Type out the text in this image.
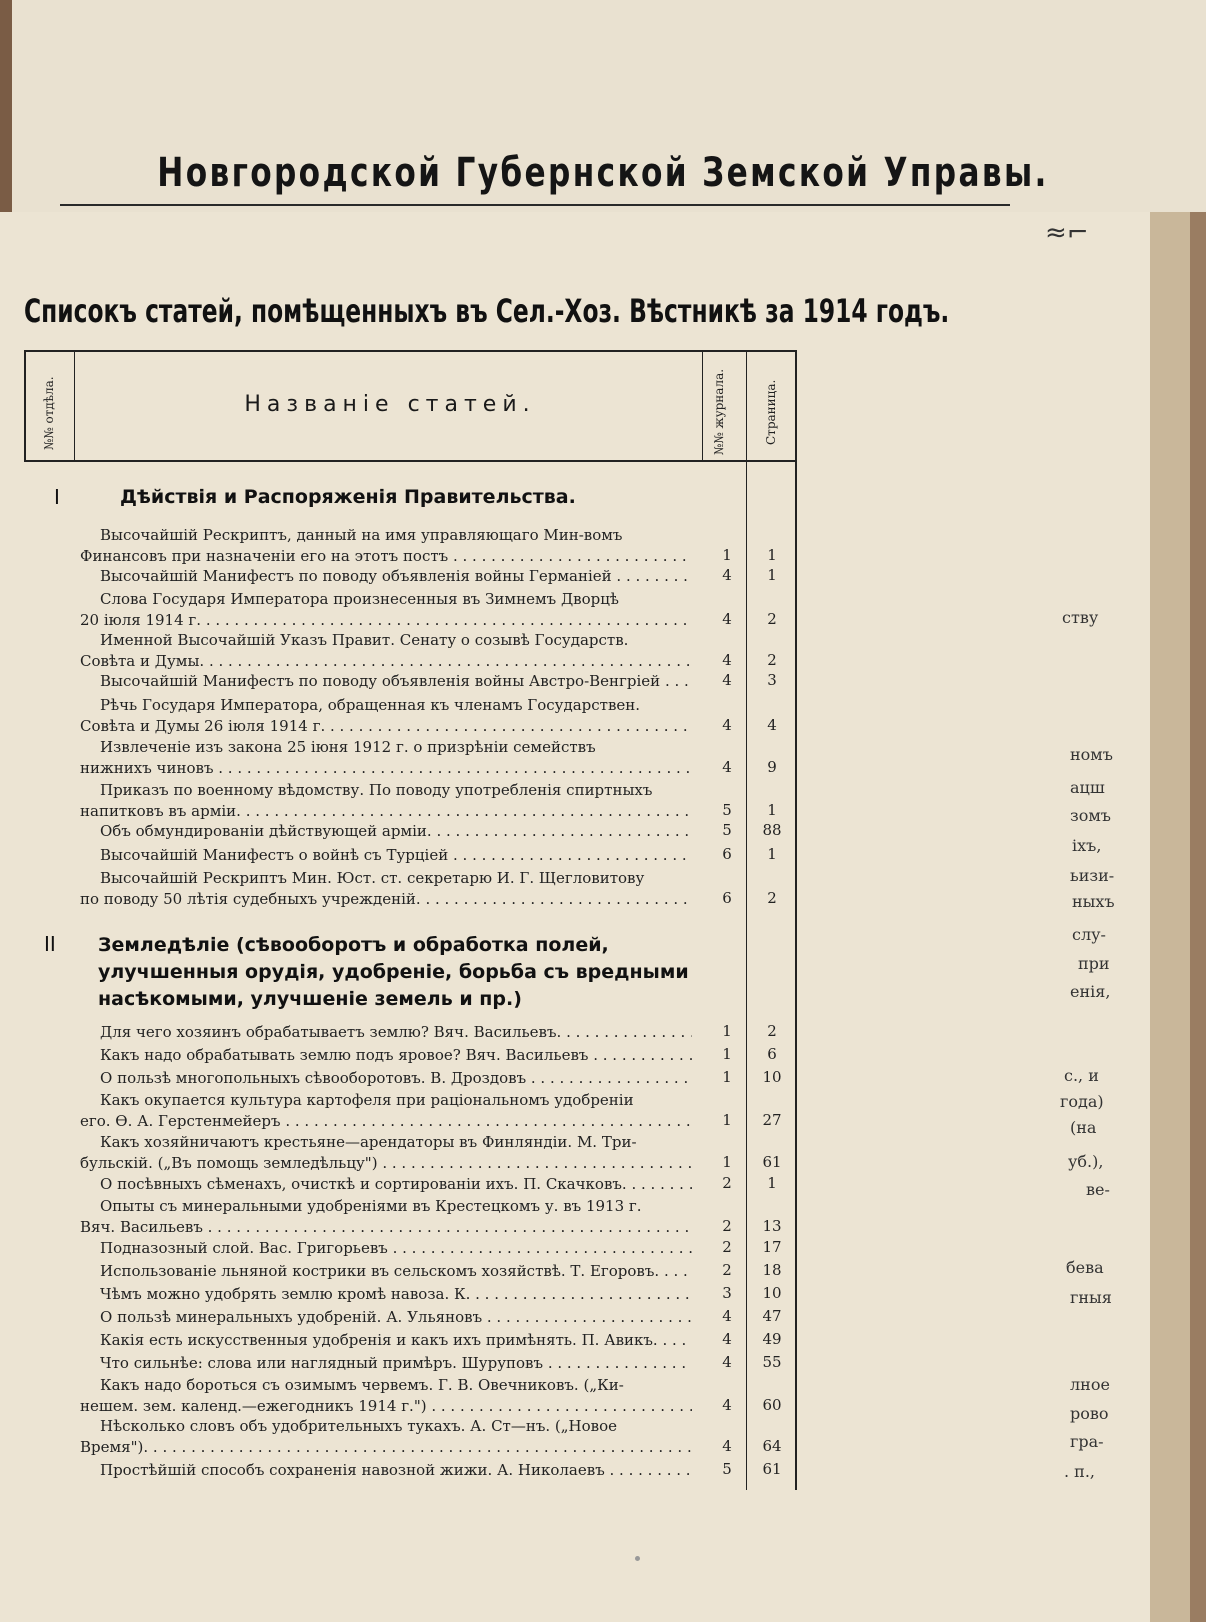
Новгородской Губернской Земской Управы.
≈⌐
Списокъ статей, помѣщенныхъ въ Сел.-Хоз. Вѣстникѣ за 1914 годъ.
№№ отдѣла.	Названіе статей.	№№ журнала.	Страница.
I	Дѣйствія и Распоряженія Правительства.
Высочайшій Рескриптъ, данный на имя управляющаго Мин-вомъ
Финансовъ при назначеніи его на этотъ постъ . . .	1	1
Высочайшій Манифестъ по поводу объявленія войны Германіей . . .	4	1
Слова Государя Императора произнесенныя въ Зимнемъ Дворцѣ
20 іюля 1914 г. . . .	4	2
Именной Высочайшій Указъ Правит. Сенату о созывѣ Государств.
Совѣта и Думы. . . .	4	2
Высочайшій Манифестъ по поводу объявленія войны Австро-Венгріей . . .	4	3
Рѣчь Государя Императора, обращенная къ членамъ Государствен.
Совѣта и Думы 26 іюля 1914 г. . . .	4	4
Извлеченіе изъ закона 25 іюня 1912 г. о призрѣніи семействъ
нижнихъ чиновъ . . .	4	9
Приказъ по военному вѣдомству. По поводу употребленія спиртныхъ
напитковъ въ арміи. . . .	5	1
Объ обмундированіи дѣйствующей арміи. . . .	5	88
Высочайшій Манифестъ о войнѣ съ Турціей . . .	6	1
Высочайшій Рескриптъ Мин. Юст. ст. секретарю И. Г. Щегловитову
по поводу 50 лѣтія судебныхъ учрежденій. . . .	6	2
II Земледѣліе (сѣвооборотъ и обработка полей, улучшенныя орудія, удобреніе, борьба съ вредными насѣкомыми, улучшеніе земель и пр.)
Для чего хозяинъ обрабатываетъ землю? Вяч. Васильевъ. . . .	1	2
Какъ надо обрабатывать землю подъ яровое? Вяч. Васильевъ . . .	1	6
О пользѣ многопольныхъ сѣвооборотовъ. В. Дроздовъ . . .	1	10
Какъ окупается культура картофеля при раціональномъ удобреніи
его. Ѳ. А. Герстенмейеръ . . .	1	27
Какъ хозяйничаютъ крестьяне—арендаторы въ Финляндіи. М. Три-
бульскій. („Въ помощь земледѣльцу") . . .	1	61
О посѣвныхъ сѣменахъ, очисткѣ и сортированіи ихъ. П. Скачковъ. . . .	2	1
Опыты съ минеральными удобреніями въ Крестецкомъ у. въ 1913 г.
Вяч. Васильевъ . . .	2	13
Подназозный слой. Вас. Григорьевъ . . .	2	17
Использованіе льняной кострики въ сельскомъ хозяйствѣ. Т. Егоровъ. . . .	2	18
Чѣмъ можно удобрять землю кромѣ навоза. К. . . .	3	10
О пользѣ минеральныхъ удобреній. А. Ульяновъ . . .	4	47
Какія есть искусственныя удобренія и какъ ихъ примѣнять. П. Авикъ. . . .	4	49
Что сильнѣе: слова или наглядный примѣръ. Шуруповъ . . .	4	55
Какъ надо бороться съ озимымъ червемъ. Г. В. Овечниковъ. („Ки-
нешем. зем. календ.—ежегодникъ 1914 г.") . . .	4	60
Нѣсколько словъ объ удобрительныхъ тукахъ. А. Ст—нъ. („Новое
Время"). . . .	4	64
Простѣйшій способъ сохраненія навозной жижи. А. Николаевъ . . .	5	61
ству
номъ
ацш
зомъ
іхъ,
ьизи-
ныхъ
слу-
при
енія,
с., и
года)
(на
уб.),
ве-
бева
гныя
лное
рово
гра-
. п.,
